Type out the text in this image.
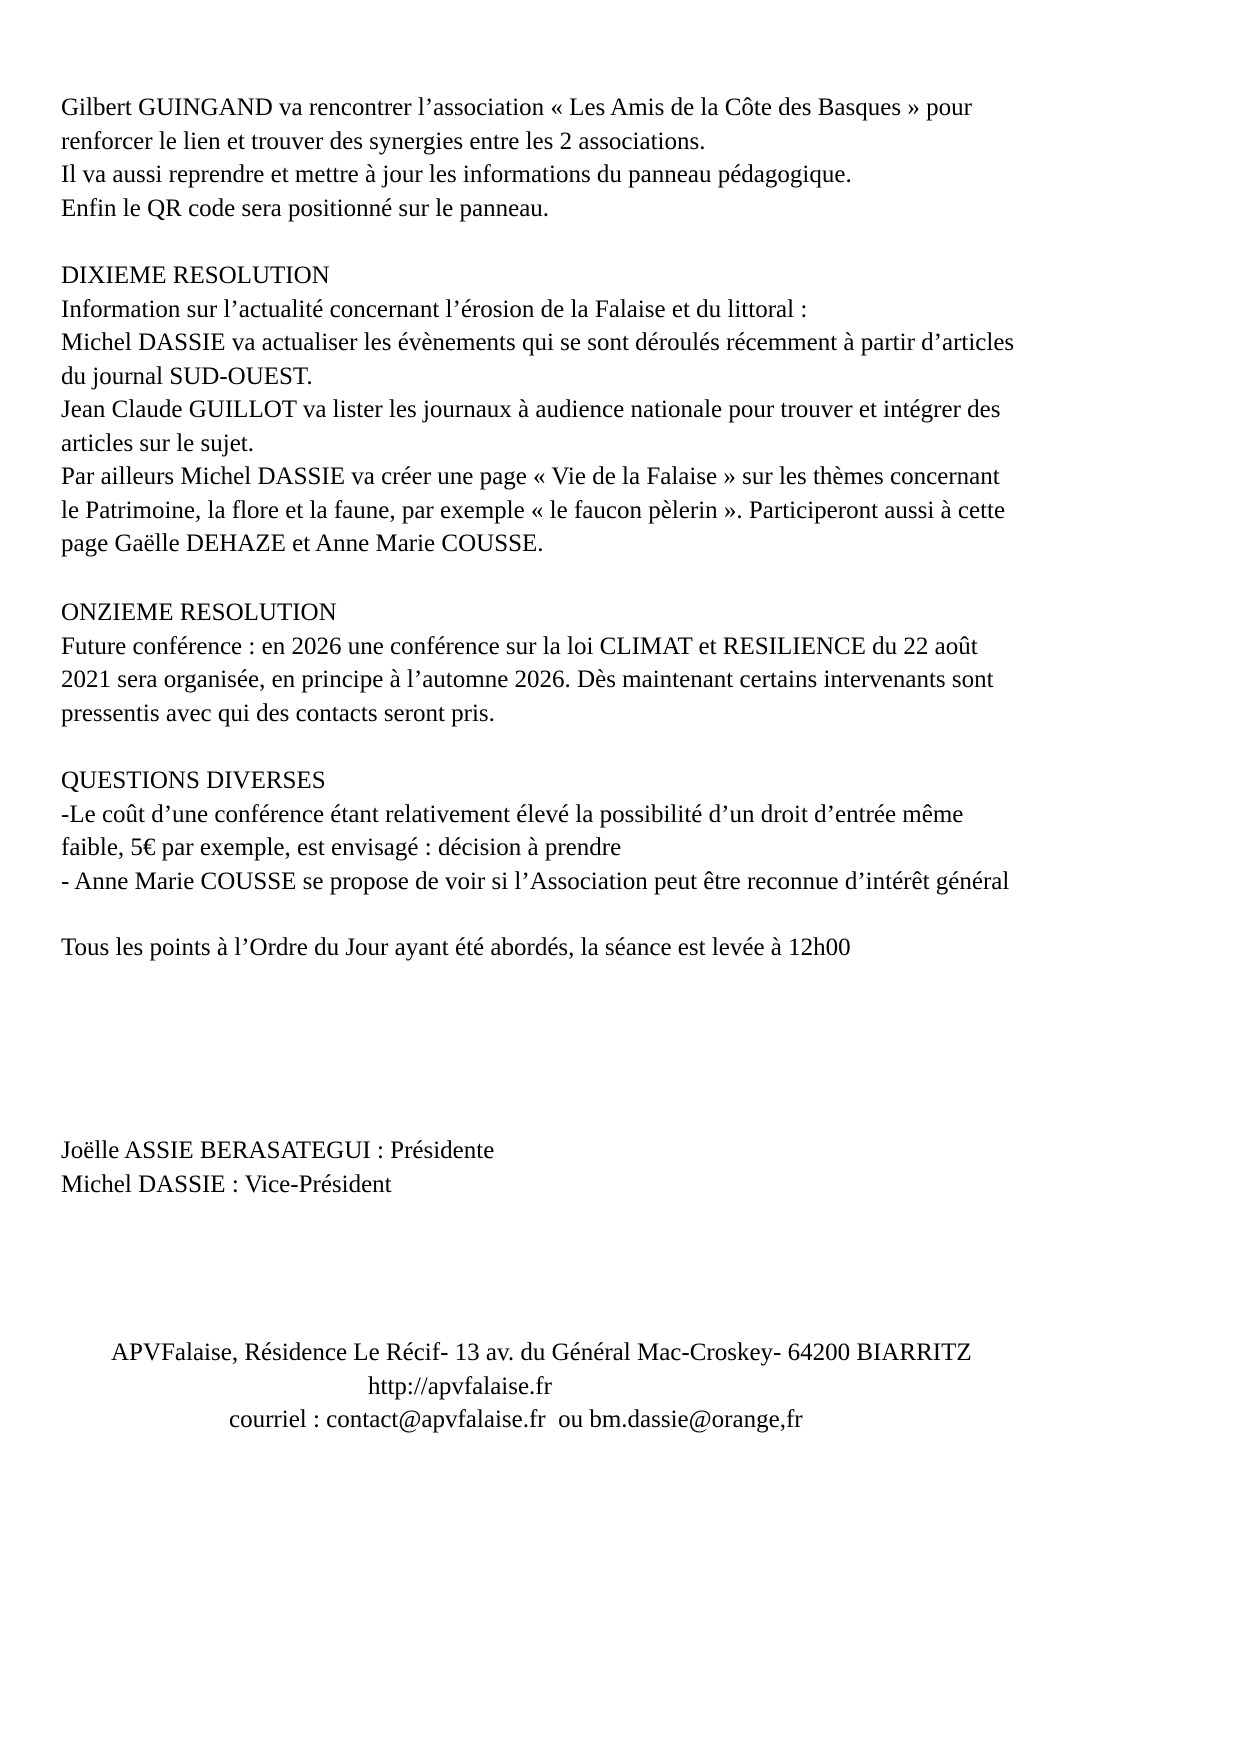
Gilbert GUINGAND va rencontrer l’association « Les Amis de la Côte des Basques » pour
renforcer le lien et trouver des synergies entre les 2 associations.
Il va aussi reprendre et mettre à jour les informations du panneau pédagogique.
Enfin le QR code sera positionné sur le panneau.
DIXIEME RESOLUTION
Information sur l’actualité concernant l’érosion de la Falaise et du littoral :
Michel DASSIE va actualiser les évènements qui se sont déroulés récemment à partir d’articles
du journal SUD-OUEST.
Jean Claude GUILLOT va lister les journaux à audience nationale pour trouver et intégrer des
articles sur le sujet.
Par ailleurs Michel DASSIE va créer une page « Vie de la Falaise » sur les thèmes concernant
le Patrimoine, la flore et la faune, par exemple « le faucon pèlerin ». Participeront aussi à cette
page Gaëlle DEHAZE et Anne Marie COUSSE.
ONZIEME RESOLUTION
Future conférence : en 2026 une conférence sur la loi CLIMAT et RESILIENCE du 22 août
2021 sera organisée, en principe à l’automne 2026. Dès maintenant certains intervenants sont
pressentis avec qui des contacts seront pris.
QUESTIONS DIVERSES
-Le coût d’une conférence étant relativement élevé la possibilité d’un droit d’entrée même
faible, 5€ par exemple, est envisagé : décision à prendre
- Anne Marie COUSSE se propose de voir si l’Association peut être reconnue d’intérêt général
Tous les points à l’Ordre du Jour ayant été abordés, la séance est levée à 12h00
Joëlle ASSIE BERASATEGUI : Présidente
Michel DASSIE : Vice-Président
APVFalaise, Résidence Le Récif- 13 av. du Général Mac-Croskey- 64200 BIARRITZ
http://apvfalaise.fr
courriel : contact@apvfalaise.fr  ou bm.dassie@orange,fr
